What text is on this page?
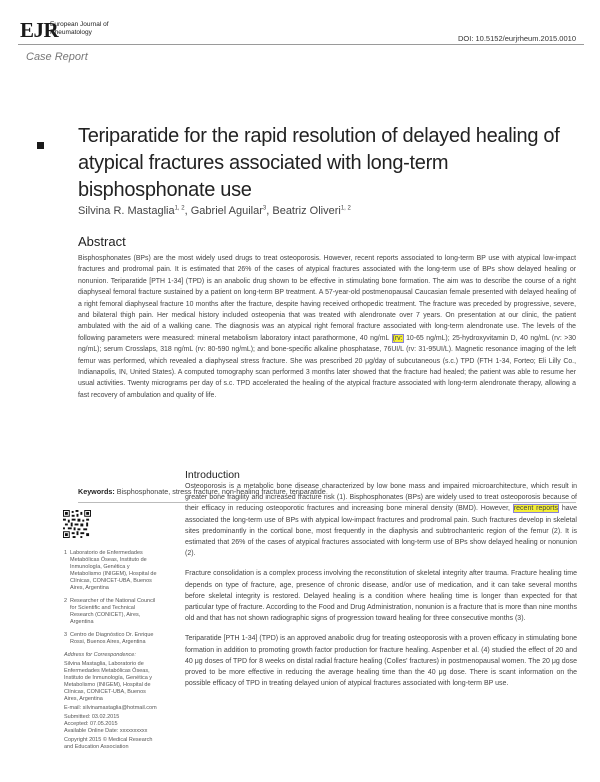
EJR
European Journal of
Rheumatology
DOI: 10.5152/eurjrheum.2015.0010
Case Report
Teriparatide for the rapid resolution of delayed healing of atypical fractures associated with long-term bisphosphonate use
Silvina R. Mastaglia$^{1, 2}$, Gabriel Aguilar$^3$, Beatriz Oliveri$^{1, 2}$
Abstract
Bisphosphonates (BPs) are the most widely used drugs to treat osteoporosis. However, recent reports associated to long-term BP use with atypical low-impact fractures and prodromal pain. It is estimated that 26% of the cases of atypical fractures associated with the long-term use of BPs show delayed healing or nonunion. Teriparatide [PTH 1-34] (TPD) is an anabolic drug shown to be effective in stimulating bone formation. The aim was to describe the course of a right diaphyseal femoral fracture sustained by a patient on long-term BP treatment. A 57-year-old postmenopausal Caucasian female presented with delayed healing of a right femoral diaphyseal fracture 10 months after the fracture, despite having received orthopedic treatment. The fracture was preceded by progressive, severe, and bilateral thigh pain. Her medical history included osteopenia that was treated with alendronate over 7 years. On presentation at our clinic, the patient ambulated with the aid of a walking cane. The diagnosis was an atypical right femoral fracture associated with long-term alendronate use. The levels of the following parameters were measured: mineral metabolism laboratory intact parathormone, 40 ng/mL (rv: 10-65 ng/mL); 25-hydroxyvitamin D, 40 ng/mL (rv: >30 ng/mL); serum Crosslaps, 318 ng/mL (rv: 80-590 ng/mL); and bone-specific alkaline phosphatase, 76UI/L (rv: 31-95UI/L). Magnetic resonance imaging of the left femur was performed, which revealed a diaphyseal stress fracture. She was prescribed 20 μg/day of subcutaneous (s.c.) TPD (FTH 1-34, Forteo; Eli Lilly Co., Indianapolis, IN, United States). A computed tomography scan performed 3 months later showed that the fracture had healed; the patient was able to resume her usual activities. Twenty micrograms per day of s.c. TPD accelerated the healing of the atypical fracture associated with long-term alendronate therapy, allowing a fast recovery of ambulation and quality of life.
Keywords: Bisphosphonate, stress fracture, non-healing fracture, teriparatide
1 Laboratorio de Enfermedades Metabólicas Óseas, Instituto de Inmunología, Genética y Metabolismo (INIGEM), Hospital de Clínicas, CONICET-UBA, Buenos Aires, Argentina
2 Researcher of the National Council for Scientific and Technical Research (CONICET), Aires, Argentina
3 Centro de Diagnóstico Dr. Enrique Rossi, Buenos Aires, Argentina
Address for Correspondence:
Silvina Mastaglia, Laboratorio de Enfermedades Metabólicas Óseas, Instituto de Inmunología, Genética y Metabolismo (INIGEM), Hospital de Clínicas, CONICET-UBA, Buenos Aires, Argentina
E-mail: silvinamastaglia@hotmail.com
Submitted: 03.02.2015
Accepted: 07.05.2015
Available Online Date: xxxxxxxxxx
Copyright 2015 © Medical Research and Education Association
Introduction

Osteoporosis is a metabolic bone disease characterized by low bone mass and impaired microarchitecture, which result in greater bone fragility and increased fracture risk (1). Bisphosphonates (BPs) are widely used to treat osteoporosis because of their efficacy in reducing osteoporotic fractures and increasing bone mineral density (BMD). However, recent reports have associated the long-term use of BPs with atypical low-impact fractures and prodromal pain. Such fractures develop in skeletal sites predominantly in the cortical bone, most frequently in the diaphysis and subtrochanteric region of the femur (2). It is estimated that 26% of the cases of atypical fractures associated with long-term use of BPs show delayed healing or nonunion (2).

Fracture consolidation is a complex process involving the reconstitution of skeletal integrity after trauma. Fracture healing time depends on type of fracture, age, presence of chronic disease, and/or use of medication, and it can take several months before skeletal integrity is restored. Delayed healing is a condition where healing time is longer than expected for that particular type of fracture. According to the Food and Drug Administration, nonunion is a fracture that is more than nine months old and that has not shown radiographic signs of progression toward healing for three consecutive months (3).

Teriparatide [PTH 1-34] (TPD) is an approved anabolic drug for treating osteoporosis with a proven efficacy in stimulating bone formation in addition to promoting growth factor production for fracture healing. Aspenber et al. (4) studied the effect of 20 and 40 μg doses of TPD for 8 weeks on distal radial fracture healing (Colles' fractures) in postmenopausal women. The 20 μg dose proved to be more effective in reducing the average healing time than the 40 μg dose. There is scant information on the possible efficacy of TPD in treating delayed union of atypical fractures associated with long-term BP use.
